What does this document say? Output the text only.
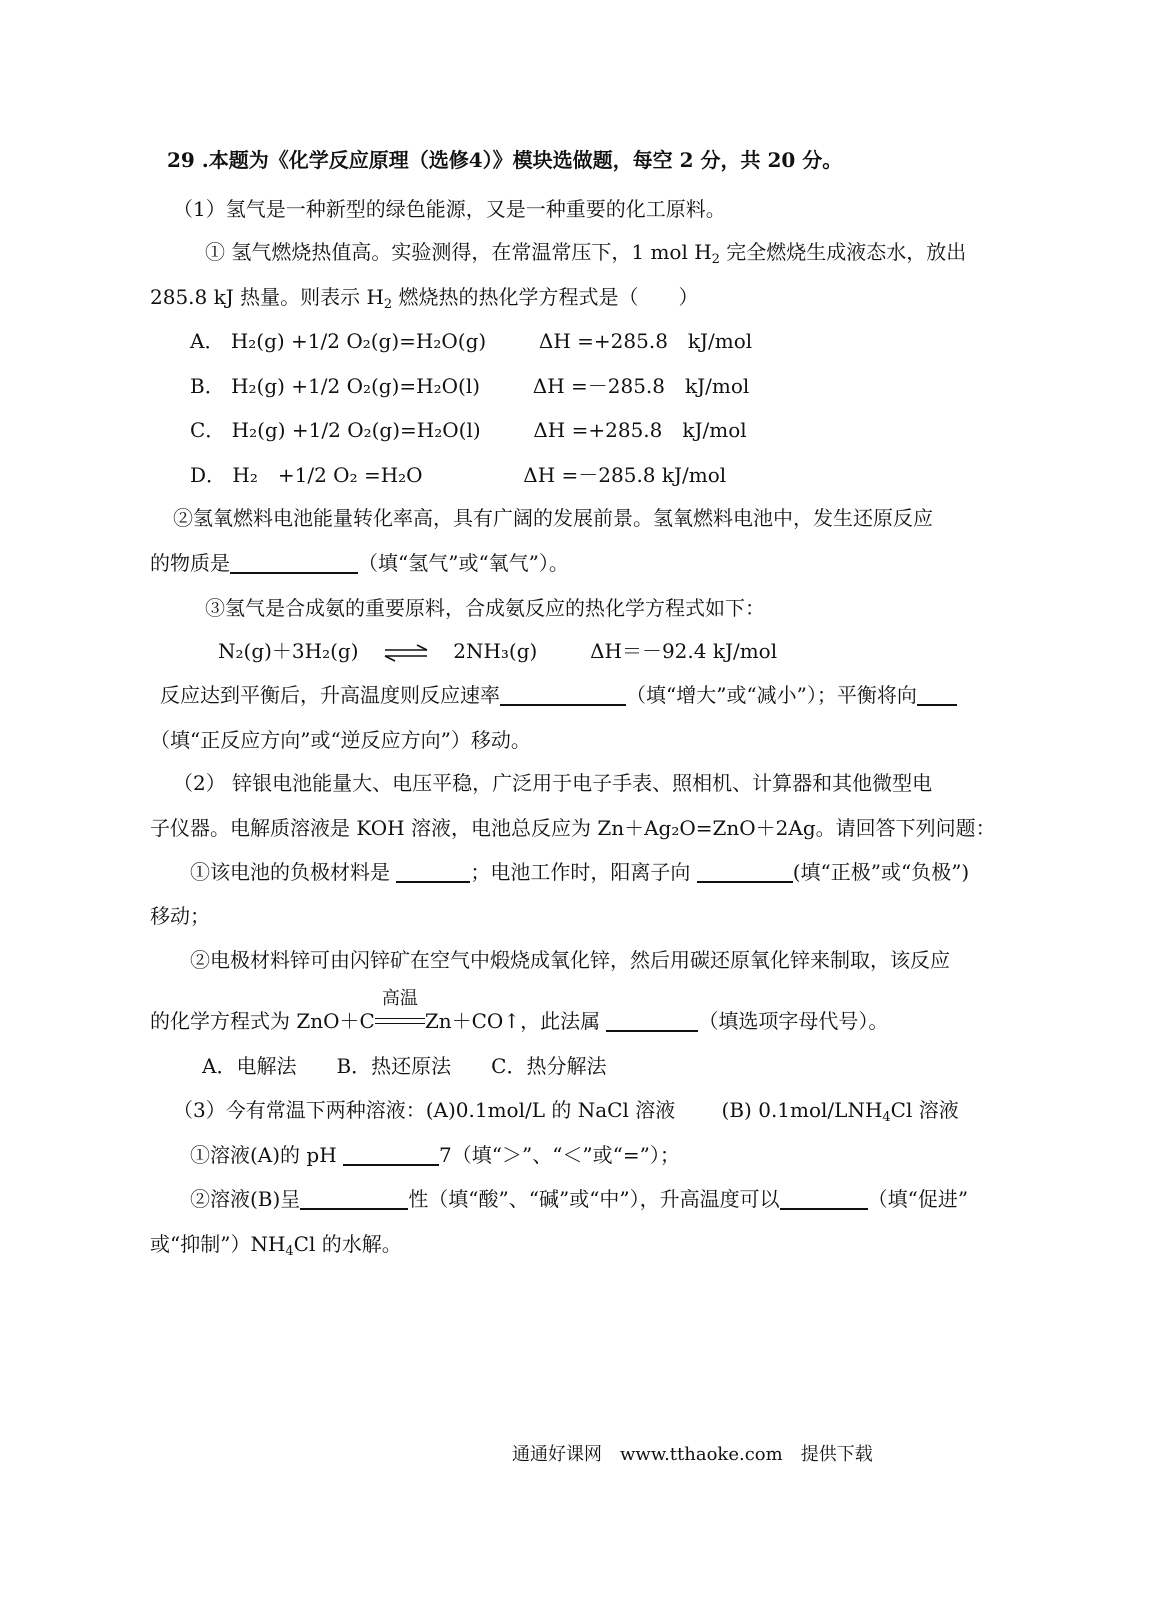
29 .本题为《化学反应原理（选修4）》模块选做题，每空 2 分，共 20 分。
（1）氢气是一种新型的绿色能源，又是一种重要的化工原料。
① 氢气燃烧热值高。实验测得，在常温常压下，1 mol $H_2$ 完全燃烧生成液态水，放出
285.8 kJ 热量。则表示 $H_2$ 燃烧热的热化学方程式是（　　）
A． H₂(g) +1/2 O₂(g)=H₂O(g)	ΔH =+285.8　kJ/mol
B． H₂(g) +1/2 O₂(g)=H₂O(l)	ΔH =－285.8　kJ/mol
C． H₂(g) +1/2 O₂(g)=H₂O(l)	ΔH =+285.8　kJ/mol
D． H₂　+1/2 O₂ =H₂O	ΔH =－285.8 kJ/mol
②氢氧燃料电池能量转化率高，具有广阔的发展前景。氢氧燃料电池中，发生还原反应
的物质是	（填“氢气”或“氧气”）。
③氢气是合成氨的重要原料，合成氨反应的热化学方程式如下：
N₂(g)＋3H₂(g) ⇌ 2NH₃(g)	ΔH＝－92.4 kJ/mol
反应达到平衡后，升高温度则反应速率	（填“增大”或“减小”）；平衡将向
（填“正反应方向”或“逆反应方向”）移动。
（2） 锌银电池能量大、电压平稳，广泛用于电子手表、照相机、计算器和其他微型电
子仪器。电解质溶液是 KOH 溶液，电池总反应为 Zn＋Ag₂O=ZnO＋2Ag。请回答下列问题：
①该电池的负极材料是	；电池工作时，阳离子向	(填“正极”或“负极”)
移动；
②电极材料锌可由闪锌矿在空气中煅烧成氧化锌，然后用碳还原氧化锌来制取，该反应
的化学方程式为 ZnO＋C
高温
Zn＋CO↑，此法属	（填选项字母代号）。
A．电解法　　B．热还原法　　C．热分解法
（3）今有常温下两种溶液：(A)0.1mol/L 的 NaCl 溶液　　 (B) $0.1mol/LNH_4Cl$ 溶液
①溶液(A)的 pH	7（填“＞”、“＜”或“=”）；
②溶液(B)呈	性（填“酸”、“碱”或“中”），升高温度可以	（填“促进”
或“抑制$”)NH_4Cl$ 的水解。
通通好课网　www.tthaoke.com　提供下载
